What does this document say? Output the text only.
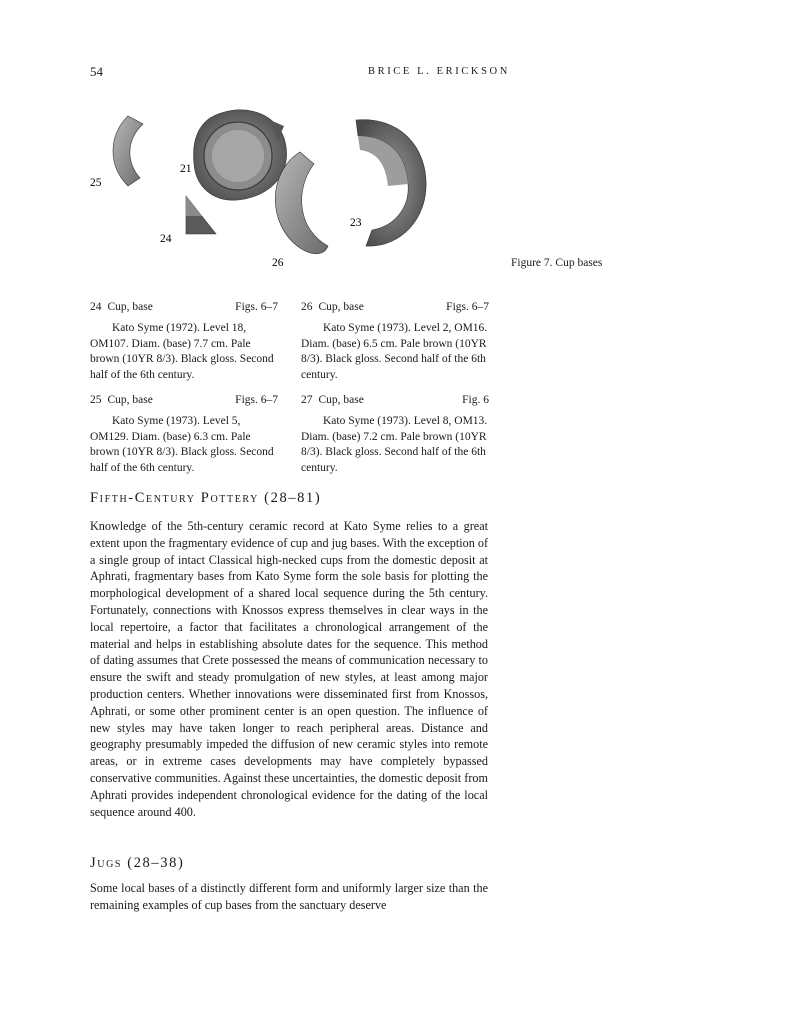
54	BRICE L. ERICKSON
25
21
24
26
23
Figure 7. Cup bases
24 Cup, base	Figs. 6–7
Kato Syme (1972). Level 18, OM107. Diam. (base) 7.7 cm. Pale brown (10YR 8/3). Black gloss. Second half of the 6th century.
26 Cup, base	Figs. 6–7
Kato Syme (1973). Level 2, OM16. Diam. (base) 6.5 cm. Pale brown (10YR 8/3). Black gloss. Second half of the 6th century.
25 Cup, base	Figs. 6–7
Kato Syme (1973). Level 5, OM129. Diam. (base) 6.3 cm. Pale brown (10YR 8/3). Black gloss. Second half of the 6th century.
27 Cup, base	Fig. 6
Kato Syme (1973). Level 8, OM13. Diam. (base) 7.2 cm. Pale brown (10YR 8/3). Black gloss. Second half of the 6th century.
Fifth-Century Pottery (28–81)
Knowledge of the 5th-century ceramic record at Kato Syme relies to a great extent upon the fragmentary evidence of cup and jug bases. With the exception of a single group of intact Classical high-necked cups from the domestic deposit at Aphrati, fragmentary bases from Kato Syme form the sole basis for plotting the morphological development of a shared local sequence during the 5th century. Fortunately, connections with Knossos express themselves in clear ways in the local repertoire, a factor that facilitates a chronological arrangement of the material and helps in establishing absolute dates for the sequence. This method of dating assumes that Crete possessed the means of communication necessary to ensure the swift and steady promulgation of new styles, at least among major production centers. Whether innovations were disseminated first from Knossos, Aphrati, or some other prominent center is an open question. The influence of new styles may have taken longer to reach peripheral areas. Distance and geography presumably impeded the diffusion of new ceramic styles into remote areas, or in extreme cases developments may have completely bypassed conservative communities. Against these uncertainties, the domestic deposit from Aphrati provides independent chronological evidence for the dating of the local sequence around 400.
Jugs (28–38)
Some local bases of a distinctly different form and uniformly larger size than the remaining examples of cup bases from the sanctuary deserve
